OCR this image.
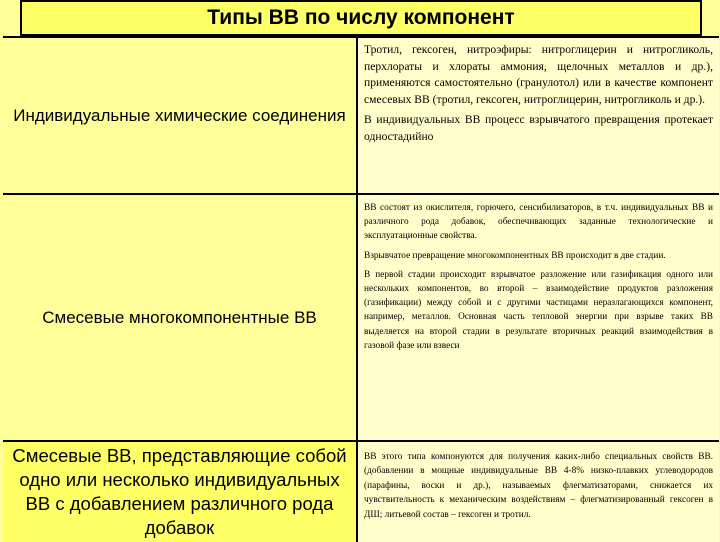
Типы ВВ по числу компонент
Индивидуальные химические соединения

Тротил, гексоген, нитроэфиры: нитроглицерин и нитрогликоль, перхлораты и хлораты аммония, щелочных металлов и др.), применяются самостоятельно (гранулотол) или в качестве компонент смесевых ВВ (тротил, гексоген, нитроглицерин, нитрогликоль и др.).

В индивидуальных ВВ процесс взрывчатого превращения протекает одностадийно

Смесевые многокомпонентные ВВ

ВВ состоят из окислителя, горючего, сенсибилизаторов, в т.ч. индивидуальных ВВ и различного рода добавок, обеспечивающих заданные технологические и эксплуатационные свойства.

Взрывчатое превращение многокомпонентных ВВ происходит в две стадии.

В первой стадии происходит взрывчатое разложение или газификация одного или нескольких компонентов, во второй – взаимодействие продуктов разложения (газификации) между собой и с другими частицами неразлагающихся компонент, например, металлов. Основная часть тепловой энергии при взрыве таких ВВ выделяется на второй стадии в результате вторичных реакций взаимодействия в газовой фазе или взвеси

Смесевые ВВ, представляющие собой одно или несколько индивидуальных ВВ с добавлением различного рода добавок

ВВ этого типа компонуются для получения каких-либо специальных свойств ВВ. (добавлении в мощные индивидуальные ВВ 4-8% низко-плавких углеводородов (парафины, воски и др.), называемых флегматизаторами, снижается их чувствительность к механическим воздействиям – флегматизированный гексоген в ДШ; литьевой состав – гексоген и тротил.
